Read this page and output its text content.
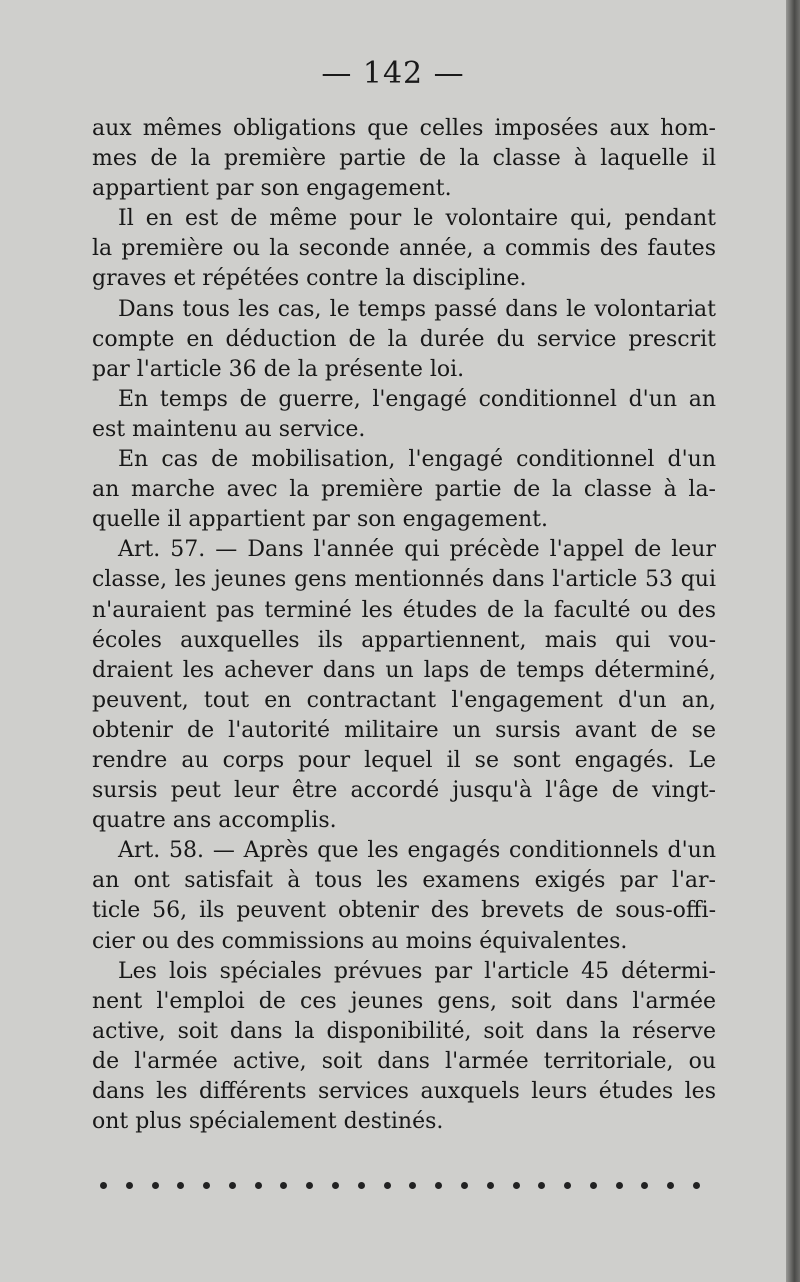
— 142 —
aux mêmes obligations que celles imposées aux hom-
mes de la première partie de la classe à laquelle il
appartient par son engagement.
Il en est de même pour le volontaire qui, pendant
la première ou la seconde année, a commis des fautes
graves et répétées contre la discipline.
Dans tous les cas, le temps passé dans le volontariat
compte en déduction de la durée du service prescrit
par l'article 36 de la présente loi.
En temps de guerre, l'engagé conditionnel d'un an
est maintenu au service.
En cas de mobilisation, l'engagé conditionnel d'un
an marche avec la première partie de la classe à la-
quelle il appartient par son engagement.
Art. 57. — Dans l'année qui précède l'appel de leur
classe, les jeunes gens mentionnés dans l'article 53 qui
n'auraient pas terminé les études de la faculté ou des
écoles auxquelles ils appartiennent, mais qui vou-
draient les achever dans un laps de temps déterminé,
peuvent, tout en contractant l'engagement d'un an,
obtenir de l'autorité militaire un sursis avant de se
rendre au corps pour lequel il se sont engagés. Le
sursis peut leur être accordé jusqu'à l'âge de vingt-
quatre ans accomplis.
Art. 58. — Après que les engagés conditionnels d'un
an ont satisfait à tous les examens exigés par l'ar-
ticle 56, ils peuvent obtenir des brevets de sous-offi-
cier ou des commissions au moins équivalentes.
Les lois spéciales prévues par l'article 45 détermi-
nent l'emploi de ces jeunes gens, soit dans l'armée
active, soit dans la disponibilité, soit dans la réserve
de l'armée active, soit dans l'armée territoriale, ou
dans les différents services auxquels leurs études les
ont plus spécialement destinés.
